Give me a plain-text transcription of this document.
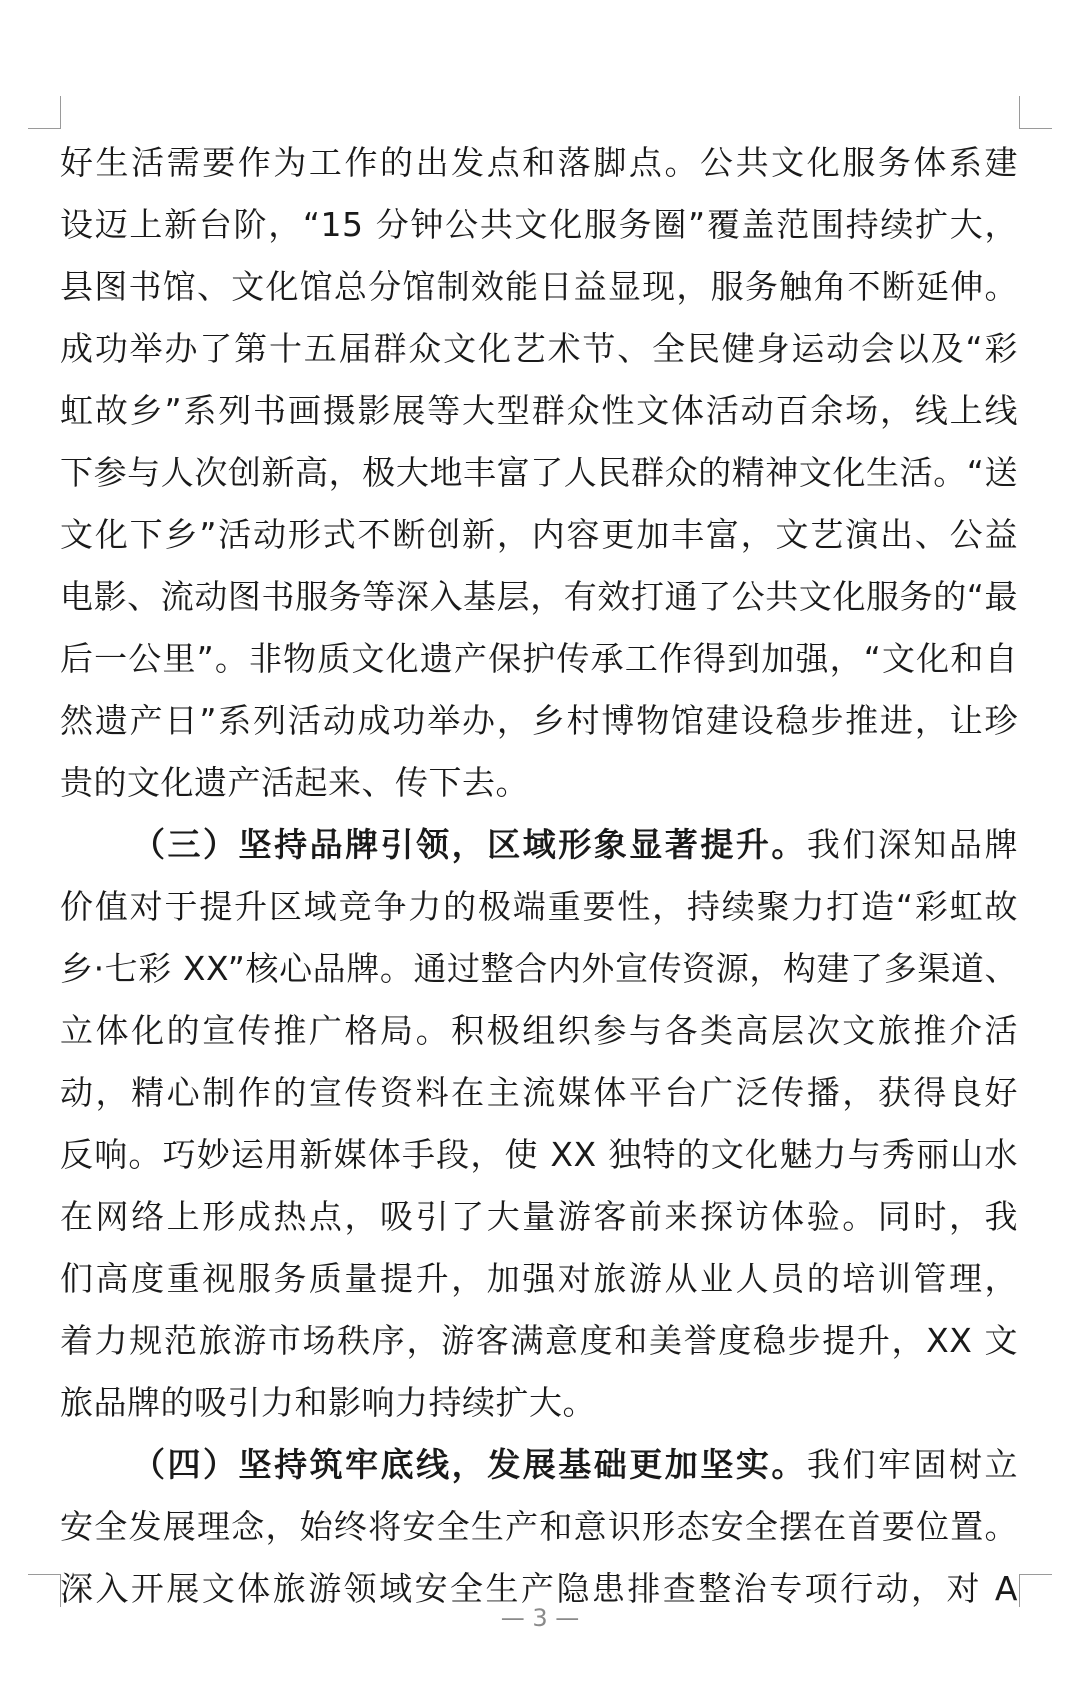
好生活需要作为工作的出发点和落脚点。公共文化服务体系建
设迈上新台阶，“15 分钟公共文化服务圈”覆盖范围持续扩大，
县图书馆、文化馆总分馆制效能日益显现，服务触角不断延伸。
成功举办了第十五届群众文化艺术节、全民健身运动会以及“彩
虹故乡”系列书画摄影展等大型群众性文体活动百余场，线上线
下参与人次创新高，极大地丰富了人民群众的精神文化生活。“送
文化下乡”活动形式不断创新，内容更加丰富，文艺演出、公益
电影、流动图书服务等深入基层，有效打通了公共文化服务的“最
后一公里”。非物质文化遗产保护传承工作得到加强，“文化和自
然遗产日”系列活动成功举办，乡村博物馆建设稳步推进，让珍
贵的文化遗产活起来、传下去。
（三）坚持品牌引领，区域形象显著提升。我们深知品牌
价值对于提升区域竞争力的极端重要性，持续聚力打造“彩虹故
乡·七彩 XX”核心品牌。通过整合内外宣传资源，构建了多渠道、
立体化的宣传推广格局。积极组织参与各类高层次文旅推介活
动，精心制作的宣传资料在主流媒体平台广泛传播，获得良好
反响。巧妙运用新媒体手段，使 XX 独特的文化魅力与秀丽山水
在网络上形成热点，吸引了大量游客前来探访体验。同时，我
们高度重视服务质量提升，加强对旅游从业人员的培训管理，
着力规范旅游市场秩序，游客满意度和美誉度稳步提升，XX 文
旅品牌的吸引力和影响力持续扩大。
（四）坚持筑牢底线，发展基础更加坚实。我们牢固树立
安全发展理念，始终将安全生产和意识形态安全摆在首要位置。
深入开展文体旅游领域安全生产隐患排查整治专项行动，对 A
— 3 —
